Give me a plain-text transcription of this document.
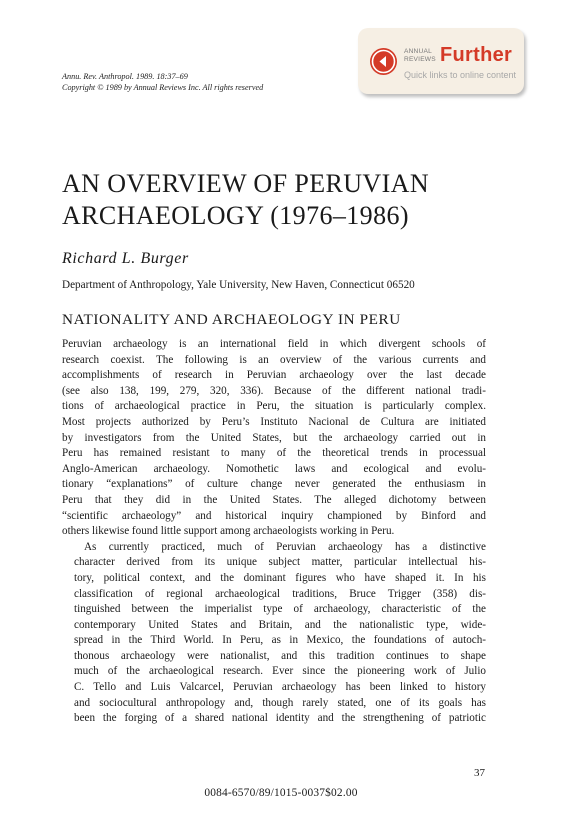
Annu. Rev. Anthropol. 1989. 18:37–69
Copyright © 1989 by Annual Reviews Inc. All rights reserved
ANNUAL
REVIEWS Further
Quick links to online content
AN OVERVIEW OF PERUVIAN
ARCHAEOLOGY (1976–1986)
Richard L. Burger
Department of Anthropology, Yale University, New Haven, Connecticut 06520
NATIONALITY AND ARCHAEOLOGY IN PERU

Peruvian archaeology is an international field in which divergent schools of
research coexist. The following is an overview of the various currents and
accomplishments of research in Peruvian archaeology over the last decade
(see also 138, 199, 279, 320, 336). Because of the different national tradi-
tions of archaeological practice in Peru, the situation is particularly complex.
Most projects authorized by Peru’s Instituto Nacional de Cultura are initiated
by investigators from the United States, but the archaeology carried out in
Peru has remained resistant to many of the theoretical trends in processual
Anglo-American archaeology. Nomothetic laws and ecological and evolu-
tionary “explanations” of culture change never generated the enthusiasm in
Peru that they did in the United States. The alleged dichotomy between
“scientific archaeology” and historical inquiry championed by Binford and
others likewise found little support among archaeologists working in Peru.

As currently practiced, much of Peruvian archaeology has a distinctive
character derived from its unique subject matter, particular intellectual his-
tory, political context, and the dominant figures who have shaped it. In his
classification of regional archaeological traditions, Bruce Trigger (358) dis-
tinguished between the imperialist type of archaeology, characteristic of the
contemporary United States and Britain, and the nationalistic type, wide-
spread in the Third World. In Peru, as in Mexico, the foundations of autoch-
thonous archaeology were nationalist, and this tradition continues to shape
much of the archaeological research. Ever since the pioneering work of Julio
C. Tello and Luis Valcarcel, Peruvian archaeology has been linked to history
and sociocultural anthropology and, though rarely stated, one of its goals has
been the forging of a shared national identity and the strengthening of patriotic

37
0084-6570/89/1015-0037$02.00
